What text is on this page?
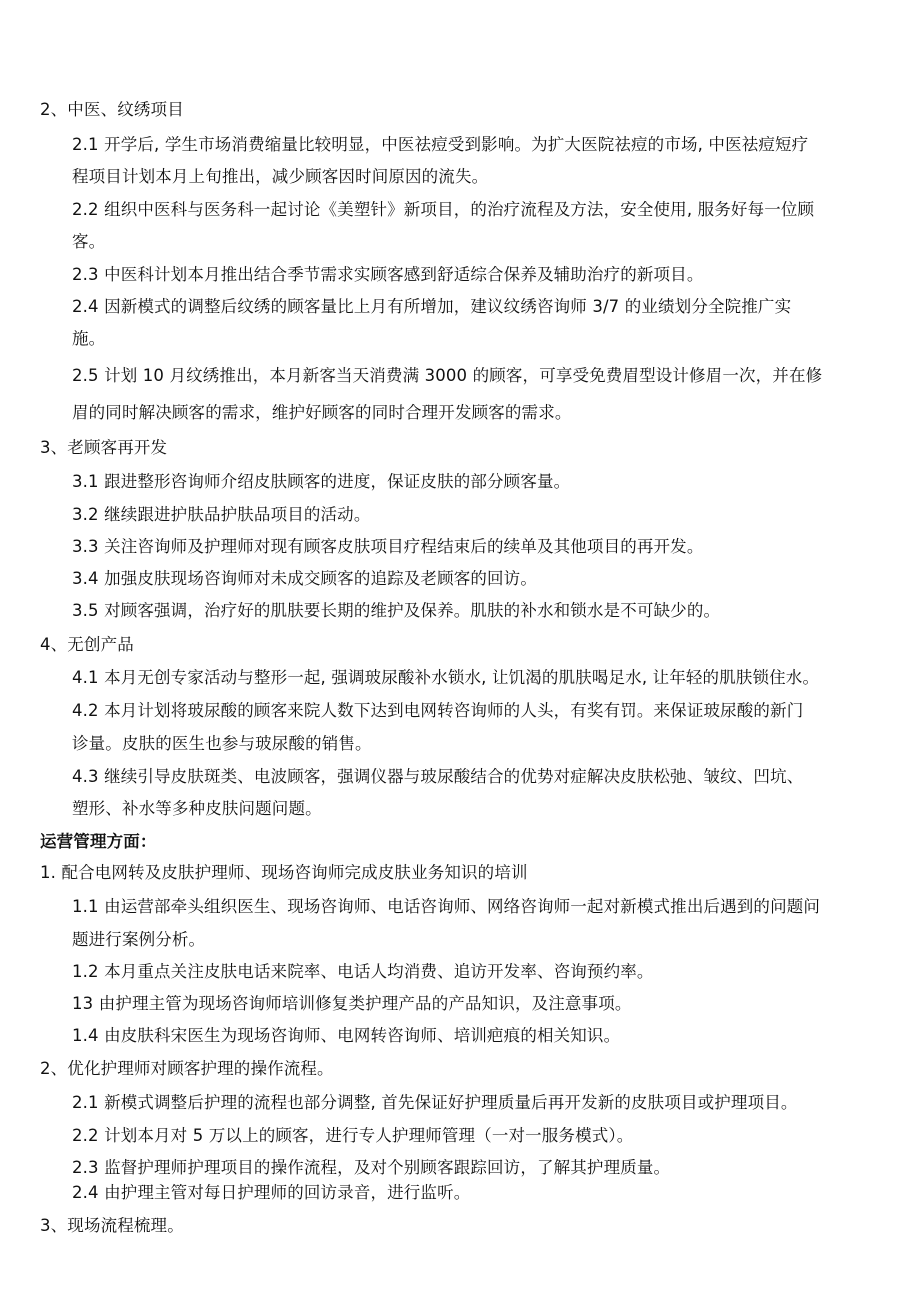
2、中医、纹绣项目

2.1 开学后, 学生市场消费缩量比较明显，中医祛痘受到影响。为扩大医院祛痘的市场, 中医祛痘短疗

程项目计划本月上旬推出，减少顾客因时间原因的流失。

2.2 组织中医科与医务科一起讨论《美塑针》新项目，的治疗流程及方法，安全使用, 服务好每一位顾

客。

2.3 中医科计划本月推出结合季节需求实顾客感到舒适综合保养及辅助治疗的新项目。

2.4 因新模式的调整后纹绣的顾客量比上月有所增加，建议纹绣咨询师 3/7 的业绩划分全院推广实

施。

2.5 计划 10 月纹绣推出，本月新客当天消费满 3000 的顾客，可享受免费眉型设计修眉一次，并在修

眉的同时解决顾客的需求，维护好顾客的同时合理开发顾客的需求。

3、老顾客再开发

3.1 跟进整形咨询师介绍皮肤顾客的进度，保证皮肤的部分顾客量。

3.2 继续跟进护肤品护肤品项目的活动。

3.3 关注咨询师及护理师对现有顾客皮肤项目疗程结束后的续单及其他项目的再开发。

3.4 加强皮肤现场咨询师对未成交顾客的追踪及老顾客的回访。

3.5 对顾客强调，治疗好的肌肤要长期的维护及保养。肌肤的补水和锁水是不可缺少的。

4、无创产品

4.1 本月无创专家活动与整形一起, 强调玻尿酸补水锁水, 让饥渴的肌肤喝足水, 让年轻的肌肤锁住水。

4.2 本月计划将玻尿酸的顾客来院人数下达到电网转咨询师的人头，有奖有罚。来保证玻尿酸的新门

诊量。皮肤的医生也参与玻尿酸的销售。

4.3 继续引导皮肤斑类、电波顾客，强调仪器与玻尿酸结合的优势对症解决皮肤松弛、皱纹、凹坑、

塑形、补水等多种皮肤问题问题。

运营管理方面：

1. 配合电网转及皮肤护理师、现场咨询师完成皮肤业务知识的培训

1.1 由运营部牵头组织医生、现场咨询师、电话咨询师、网络咨询师一起对新模式推出后遇到的问题问

题进行案例分析。

1.2 本月重点关注皮肤电话来院率、电话人均消费、追访开发率、咨询预约率。

13 由护理主管为现场咨询师培训修复类护理产品的产品知识，及注意事项。

1.4 由皮肤科宋医生为现场咨询师、电网转咨询师、培训疤痕的相关知识。

2、优化护理师对顾客护理的操作流程。

2.1 新模式调整后护理的流程也部分调整, 首先保证好护理质量后再开发新的皮肤项目或护理项目。

2.2 计划本月对 5 万以上的顾客，进行专人护理师管理（一对一服务模式）。

2.3 监督护理师护理项目的操作流程，及对个别顾客跟踪回访，了解其护理质量。

2.4 由护理主管对每日护理师的回访录音，进行监听。

3、现场流程梳理。
